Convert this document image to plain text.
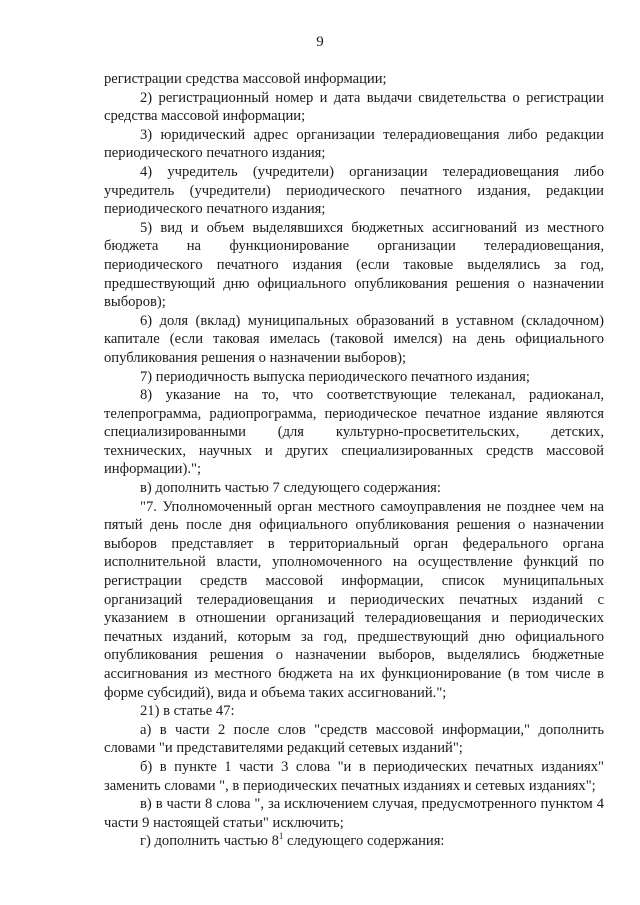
9

регистрации средства массовой информации;

2) регистрационный номер и дата выдачи свидетельства о регистрации средства массовой информации;

3) юридический адрес организации телерадиовещания либо редакции периодического печатного издания;

4) учредитель (учредители) организации телерадиовещания либо учредитель (учредители) периодического печатного издания, редакции периодического печатного издания;

5) вид и объем выделявшихся бюджетных ассигнований из местного бюджета на функционирование организации телерадиовещания, периодического печатного издания (если таковые выделялись за год, предшествующий дню официального опубликования решения о назначении выборов);

6) доля (вклад) муниципальных образований в уставном (складочном) капитале (если таковая имелась (таковой имелся) на день официального опубликования решения о назначении выборов);

7) периодичность выпуска периодического печатного издания;

8) указание на то, что соответствующие телеканал, радиоканал, телепрограмма, радиопрограмма, периодическое печатное издание являются специализированными (для культурно-просветительских, детских, технических, научных и других специализированных средств массовой информации).";

в) дополнить частью 7 следующего содержания:

"7. Уполномоченный орган местного самоуправления не позднее чем на пятый день после дня официального опубликования решения о назначении выборов представляет в территориальный орган федерального органа исполнительной власти, уполномоченного на осуществление функций по регистрации средств массовой информации, список муниципальных организаций телерадиовещания и периодических печатных изданий с указанием в отношении организаций телерадиовещания и периодических печатных изданий, которым за год, предшествующий дню официального опубликования решения о назначении выборов, выделялись бюджетные ассигнования из местного бюджета на их функционирование (в том числе в форме субсидий), вида и объема таких ассигнований.";

21) в статье 47:

а) в части 2 после слов "средств массовой информации," дополнить словами "и представителями редакций сетевых изданий";

б) в пункте 1 части 3 слова "и в периодических печатных изданиях" заменить словами ", в периодических печатных изданиях и сетевых изданиях";

в) в части 8 слова ", за исключением случая, предусмотренного пунктом 4 части 9 настоящей статьи" исключить;

г) дополнить частью $8^1$ следующего содержания:
